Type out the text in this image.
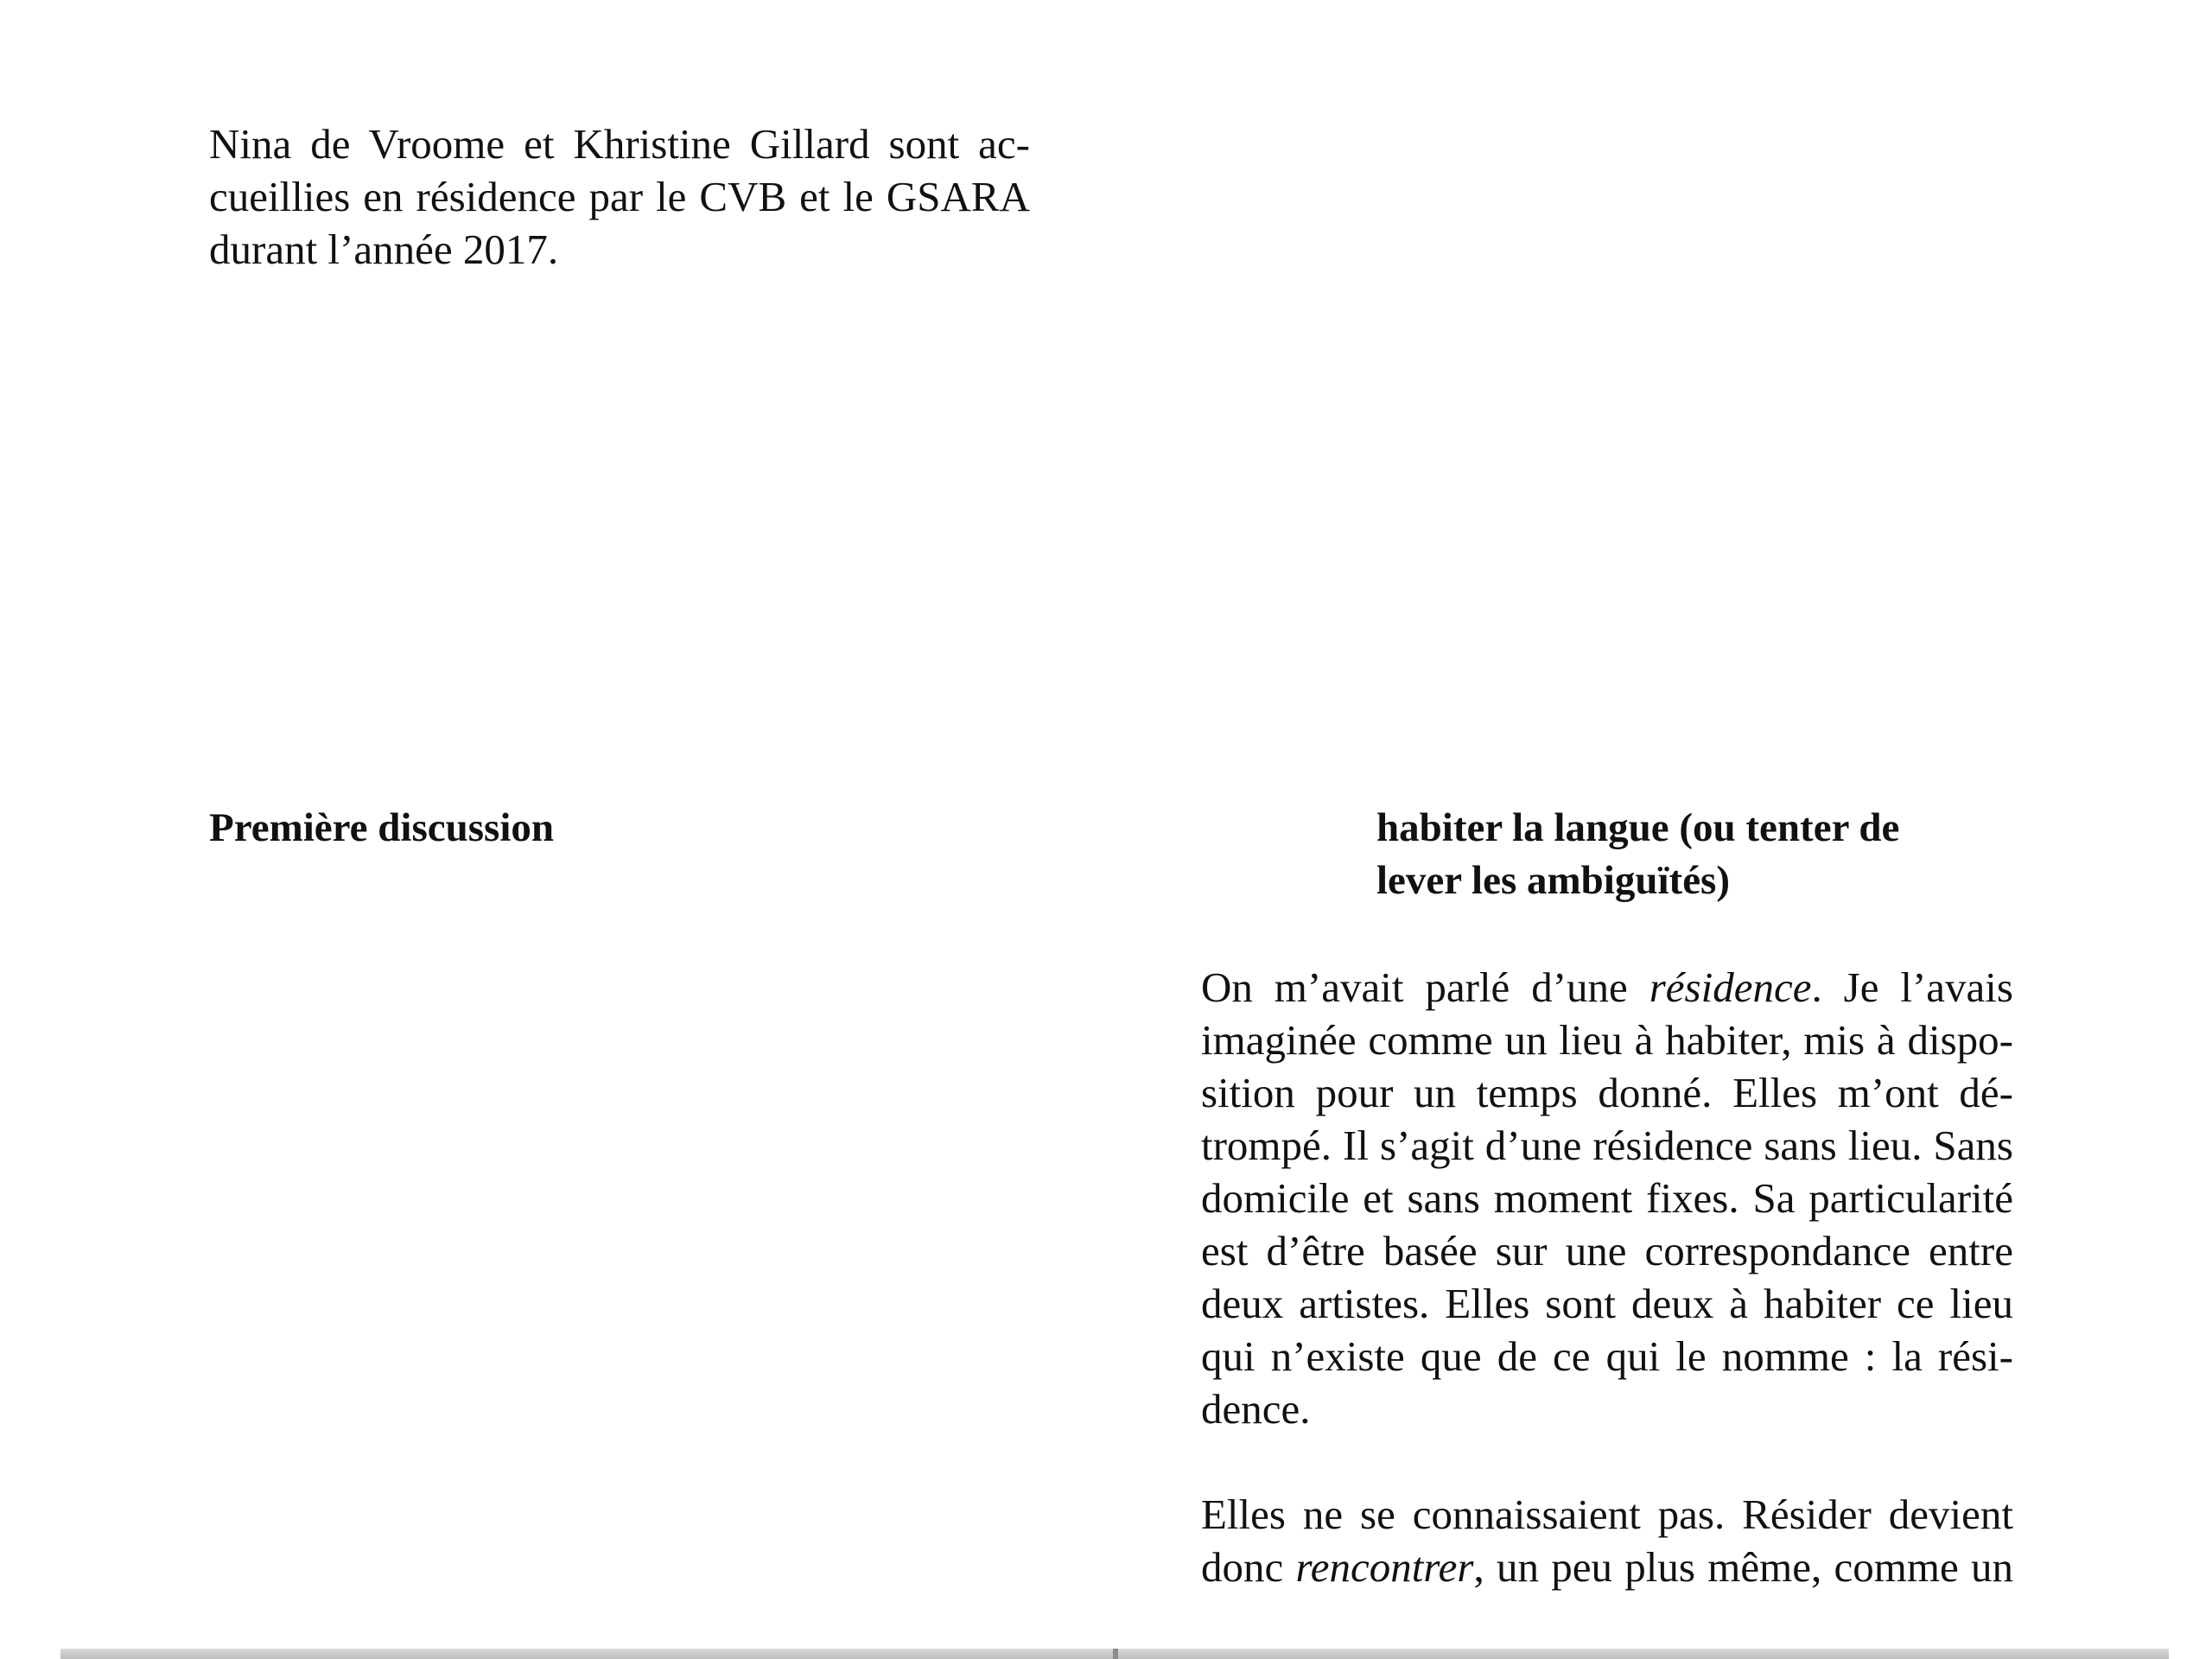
Nina de Vroome et Khristine Gillard sont accueillies en résidence par le CVB et le GSARA durant l’année 2017.

Première discussion	habiter la langue (ou tenter de lever les ambiguïtés)

On m’avait parlé d’une résidence. Je l’avais imaginée comme un lieu à habiter, mis à disposition pour un temps donné. Elles m’ont détrompé. Il s’agit d’une résidence sans lieu. Sans domicile et sans moment fixes. Sa particularité est d’être basée sur une correspondance entre deux artistes. Elles sont deux à habiter ce lieu qui n’existe que de ce qui le nomme : la résidence.

Elles ne se connaissaient pas. Résider devient donc rencontrer, un peu plus même, comme un
